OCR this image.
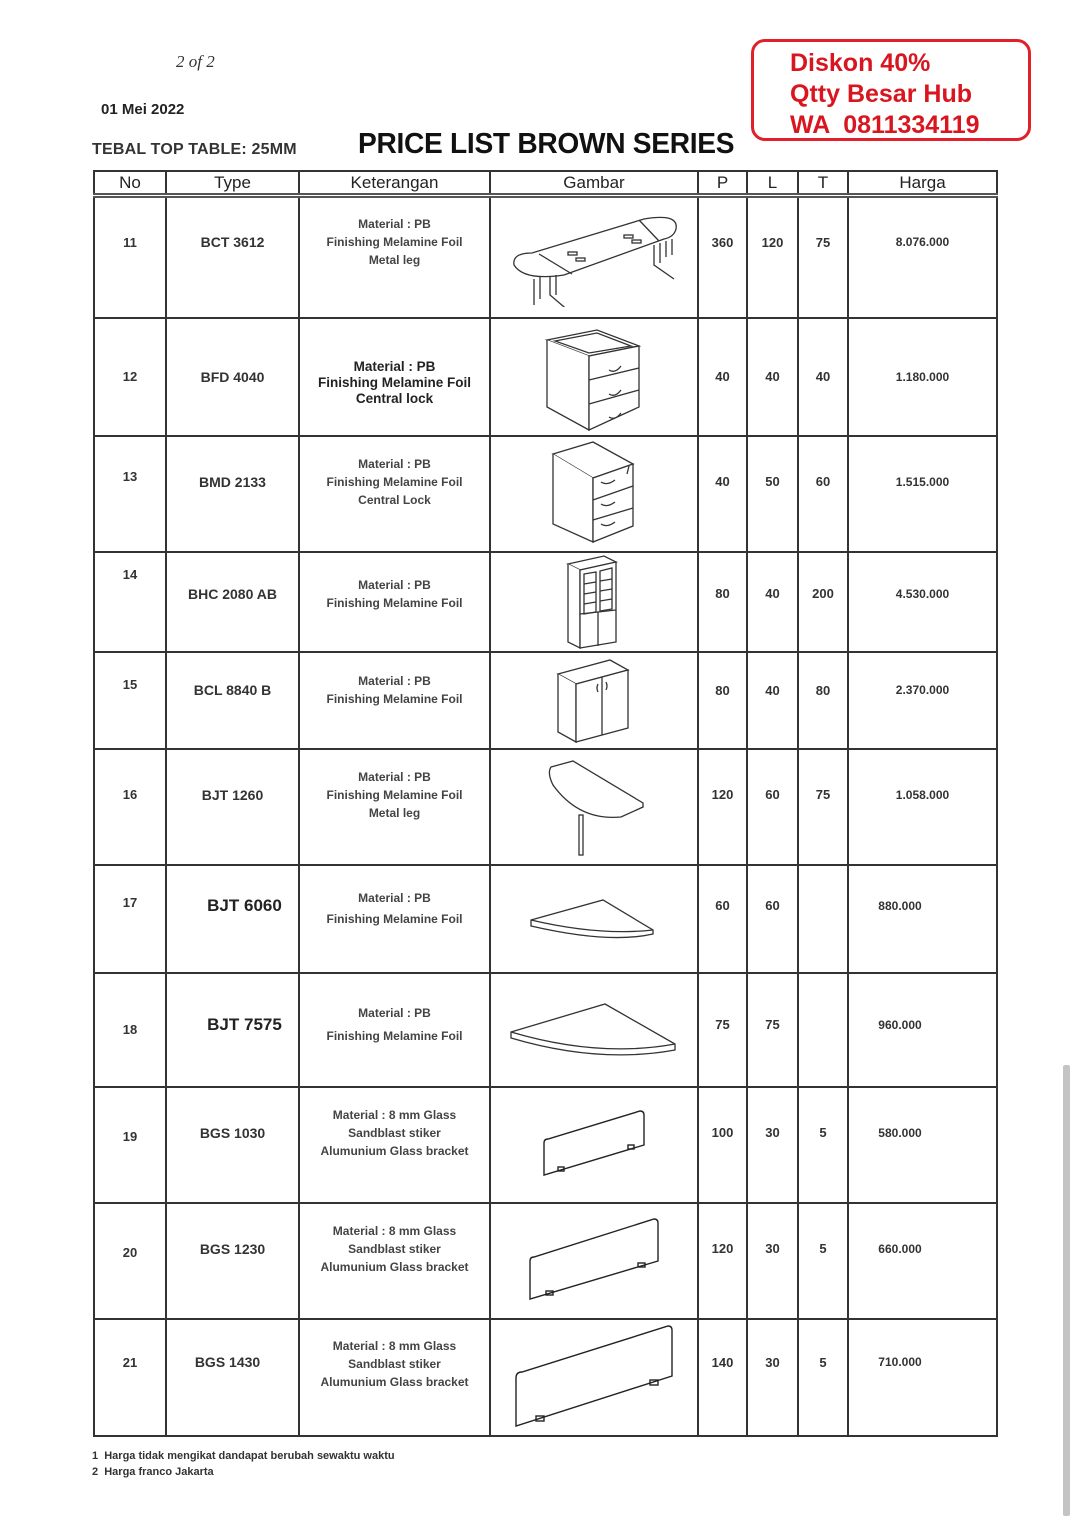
2 of 2
01 Mei 2022
TEBAL TOP TABLE: 25MM PRICE LIST BROWN SERIES
Diskon 40%
Qtty Besar Hub
WA  0811334119
No	Type	Keterangan	Gambar	P	L	T	Harga
11	BCT 3612	Material : PB
Finishing Melamine Foil
Metal leg		360	120	75	8.076.000
12	BFD 4040	Material : PB
Finishing Melamine Foil
Central lock		40	40	40	1.180.000
13	BMD 2133	Material : PB
Finishing Melamine Foil
Central Lock		40	50	60	1.515.000
14	BHC 2080 AB	Material : PB
Finishing Melamine Foil		80	40	200	4.530.000
15	BCL 8840 B	Material : PB
Finishing Melamine Foil		80	40	80	2.370.000
16	BJT 1260	Material : PB
Finishing Melamine Foil
Metal leg		120	60	75	1.058.000
17	BJT 6060	Material : PB
Finishing Melamine Foil		60	60		880.000
18	BJT 7575	Material : PB
Finishing Melamine Foil		75	75		960.000
19	BGS 1030	Material : 8 mm Glass
Sandblast stiker
Alumunium Glass bracket		100	30	5	580.000
20	BGS 1230	Material : 8 mm Glass
Sandblast stiker
Alumunium Glass bracket		120	30	5	660.000
21	BGS 1430	Material : 8 mm Glass
Sandblast stiker
Alumunium Glass bracket		140	30	5	710.000
1  Harga tidak mengikat dandapat berubah sewaktu waktu
2  Harga franco Jakarta
